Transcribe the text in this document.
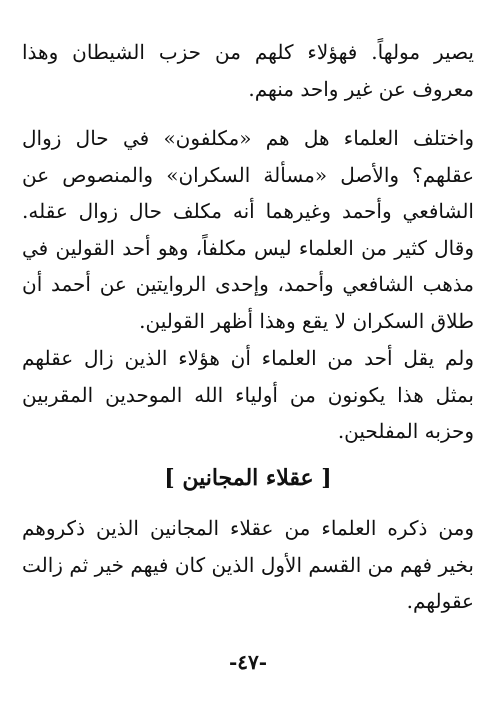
يصير مولهاً. فهؤلاء كلهم من حزب الشيطان وهذا معروف عن غير واحد منهم.
واختلف العلماء هل هم «مكلفون» في حال زوال عقلهم؟ والأصل «مسألة السكران» والمنصوص عن الشافعي وأحمد وغيرهما أنه مكلف حال زوال عقله. وقال كثير من العلماء ليس مكلفاً، وهو أحد القولين في مذهب الشافعي وأحمد، وإحدى الروايتين عن أحمد أن طلاق السكران لا يقع وهذا أظهر القولين.
ولم يقل أحد من العلماء أن هؤلاء الذين زال عقلهم بمثل هذا يكونون من أولياء الله الموحدين المقربين وحزبه المفلحين.
[ عقلاء المجانين ]
ومن ذكره العلماء من عقلاء المجانين الذين ذكروهم بخير فهم من القسم الأول الذين كان فيهم خير ثم زالت عقولهم.
-٤٧-
